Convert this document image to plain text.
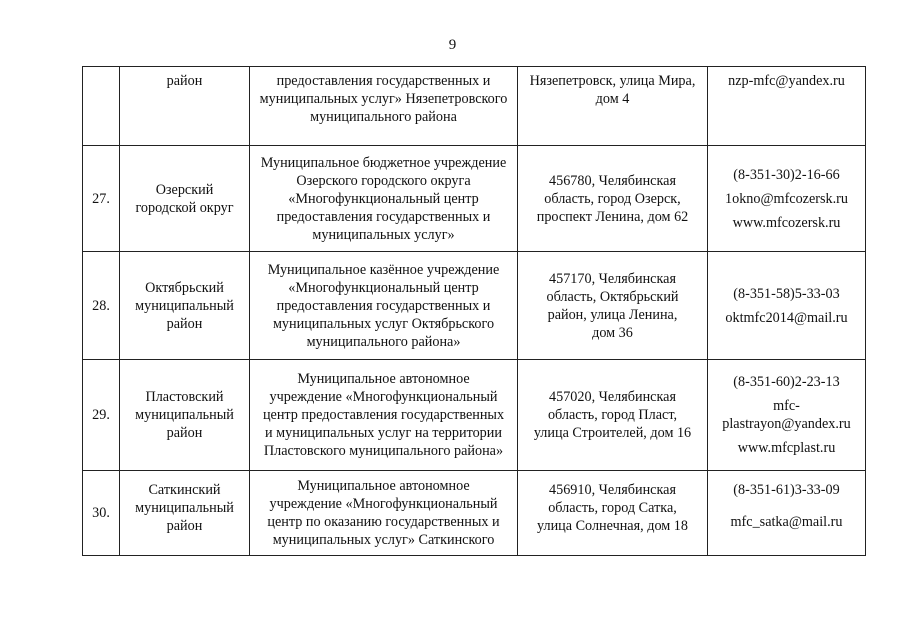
9

	район	предоставления государственных и
муниципальных услуг» Нязепетровского
муниципального района	Нязепетровск, улица Мира,
дом 4	nzp-mfc@yandex.ru

27.	Озерский
городской округ	Муниципальное бюджетное учреждение
Озерского городского округа
«Многофункциональный центр
предоставления государственных и
муниципальных услуг»	456780, Челябинская
область, город Озерск,
проспект Ленина, дом 62	(8-351-30)2-16-66
1okno@mfcozersk.ru
www.mfcozersk.ru

28.	Октябрьский
муниципальный
район	Муниципальное казённое учреждение
«Многофункциональный центр
предоставления государственных и
муниципальных услуг Октябрьского
муниципального района»	457170, Челябинская
область, Октябрьский
район, улица Ленина,
дом 36	(8-351-58)5-33-03
oktmfc2014@mail.ru

29.	Пластовский
муниципальный
район	Муниципальное автономное
учреждение «Многофункциональный
центр предоставления государственных
и муниципальных услуг на территории
Пластовского муниципального района»	457020, Челябинская
область, город Пласт,
улица Строителей, дом 16	(8-351-60)2-23-13
mfc-
plastrayon@yandex.ru
www.mfcplast.ru

30.	Саткинский
муниципальный
район	Муниципальное автономное
учреждение «Многофункциональный
центр по оказанию государственных и
муниципальных услуг» Саткинского	456910, Челябинская
область, город Сатка,
улица Солнечная, дом 18	(8-351-61)3-33-09
mfc_satka@mail.ru
